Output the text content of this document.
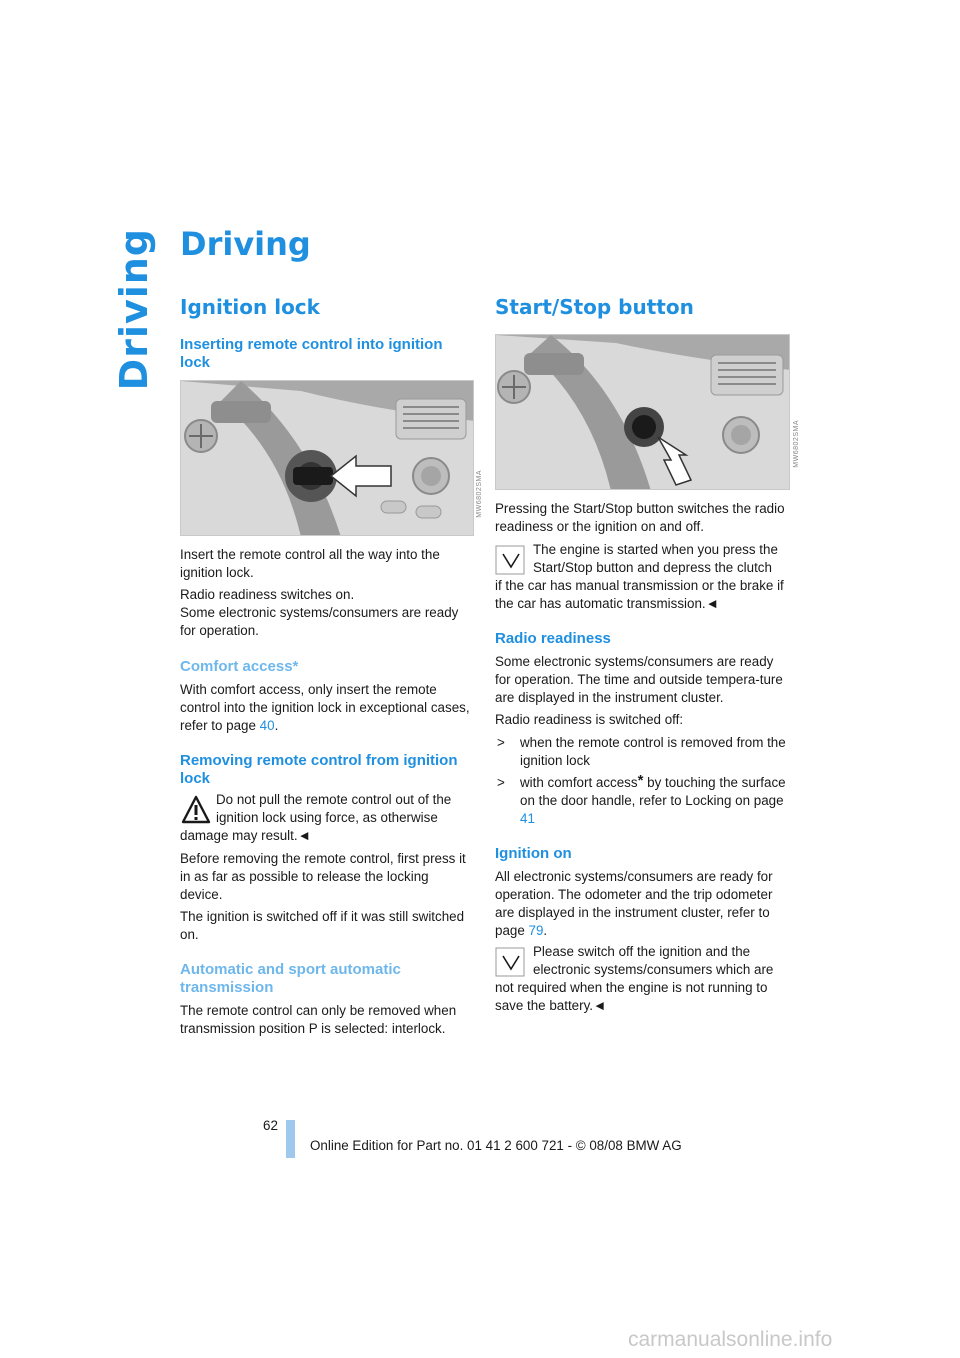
Driving Driving
Ignition lock
Inserting remote control into ignition lock
MW6802SMA

Insert the remote control all the way into the ignition lock.

Radio readiness switches on.

Some electronic systems/consumers are ready for operation.

Comfort access*

With comfort access, only insert the remote control into the ignition lock in exceptional cases, refer to page 40.

Removing remote control from ignition lock

Do not pull the remote control out of the ignition lock using force, as otherwise

damage may result.◄

Before removing the remote control, first press it in as far as possible to release the locking device.

The ignition is switched off if it was still switched on.

Automatic and sport automatic transmission

The remote control can only be removed when transmission position P is selected: interlock.

Start/Stop button
MW6802SMA

Pressing the Start/Stop button switches the radio readiness or the ignition on and off.

The engine is started when you press the Start/Stop button and depress the clutch

if the car has manual transmission or the brake if the car has automatic transmission.◄

Radio readiness

Some electronic systems/consumers are ready for operation. The time and outside tempera-ture are displayed in the instrument cluster.

Radio readiness is switched off:

> when the remote control is removed from the ignition lock

> with comfort access* by touching the surface on the door handle, refer to Locking on page 41

Ignition on

All electronic systems/consumers are ready for operation. The odometer and the trip odometer are displayed in the instrument cluster, refer to page 79.

Please switch off the ignition and the electronic systems/consumers which are

not required when the engine is not running to save the battery.◄

62
Online Edition for Part no. 01 41 2 600 721 - © 08/08 BMW AG
carmanualsonline.info
